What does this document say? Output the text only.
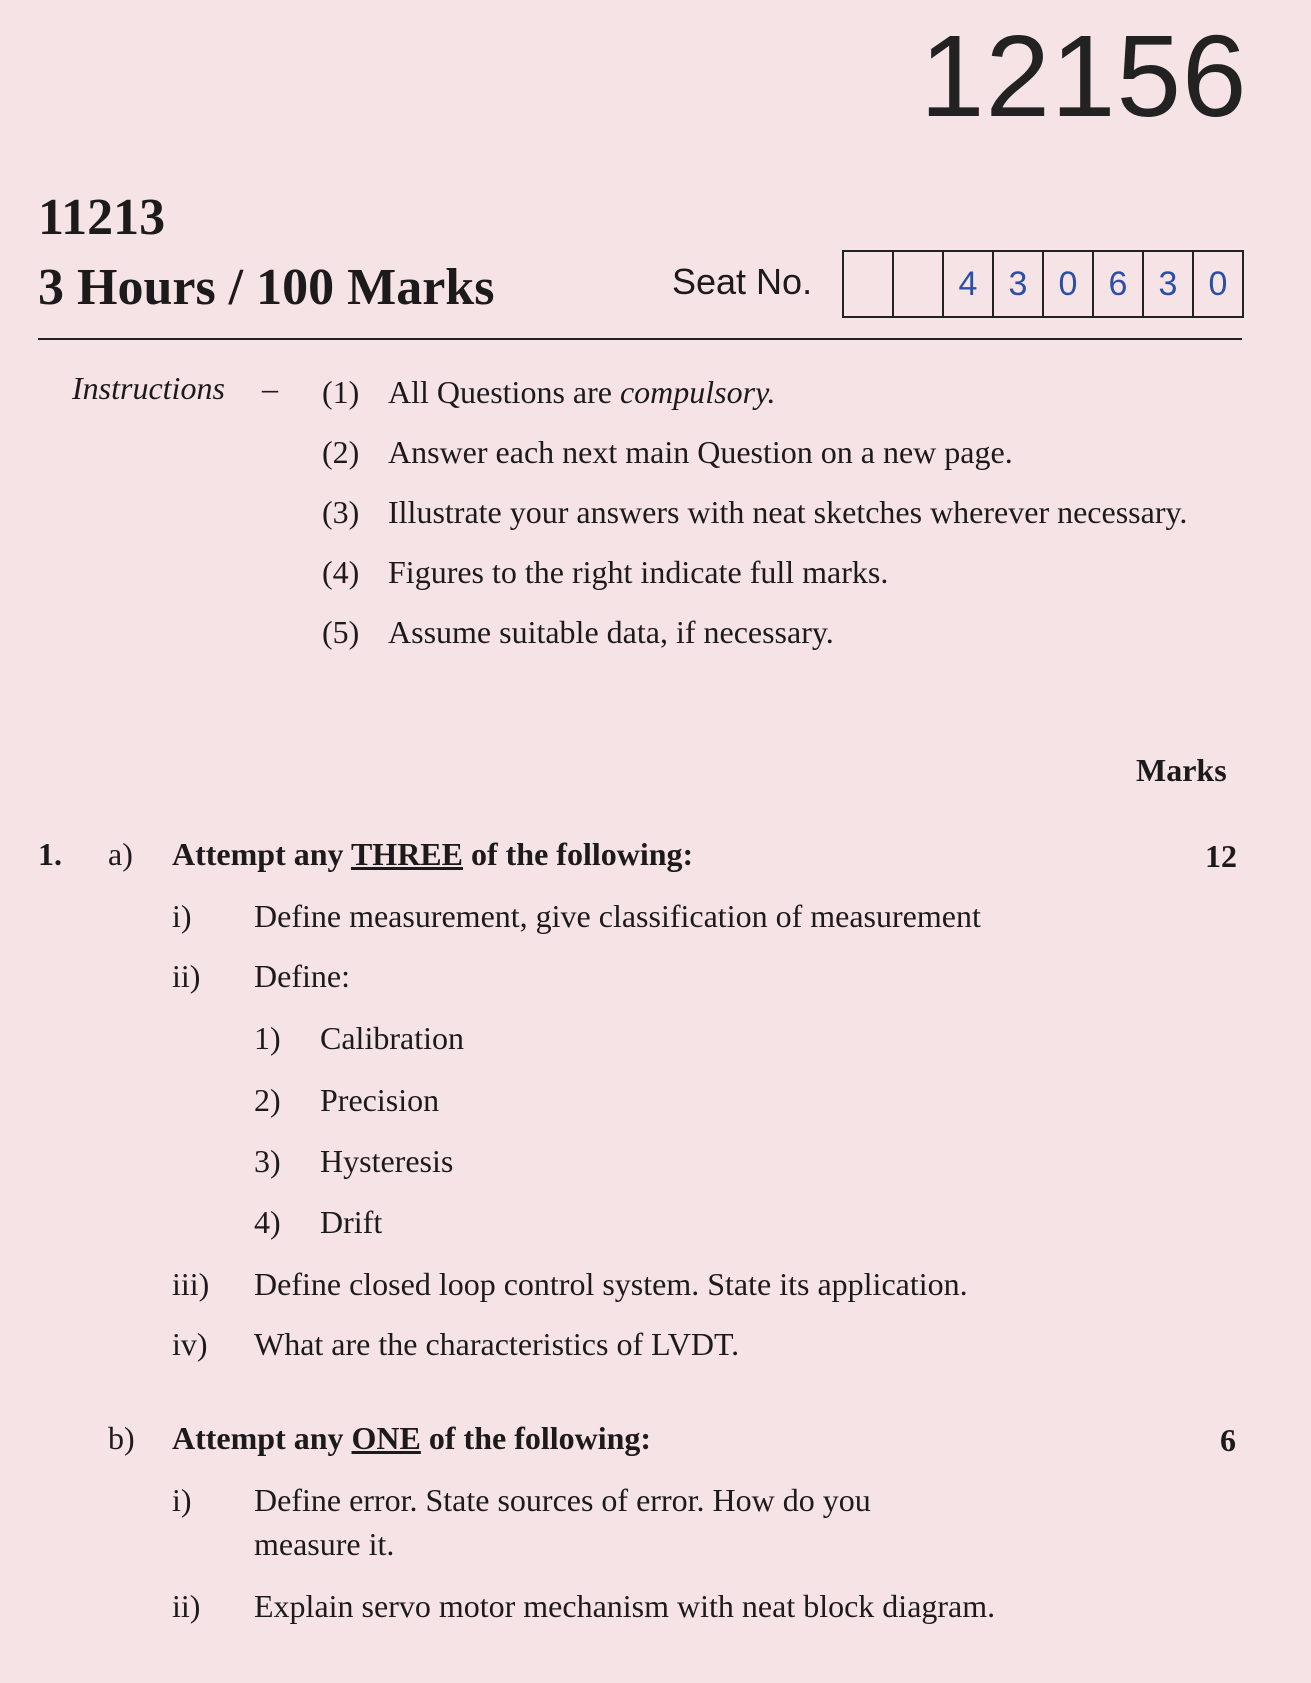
12156
11213
3 Hours / 100 Marks	Seat No.	4 3 0 6 3 0
Instructions – (1) All Questions are compulsory.
(2) Answer each next main Question on a new page.
(3) Illustrate your answers with neat sketches wherever necessary.
(4) Figures to the right indicate full marks.
(5) Assume suitable data, if necessary.
Marks
1. a) Attempt any THREE of the following:	12
i) Define measurement, give classification of measurement
ii) Define:
1) Calibration
2) Precision
3) Hysteresis
4) Drift
iii) Define closed loop control system. State its application.
iv) What are the characteristics of LVDT.
b) Attempt any ONE of the following:	6
i) Define error. State sources of error. How do you
measure it.
ii) Explain servo motor mechanism with neat block diagram.
